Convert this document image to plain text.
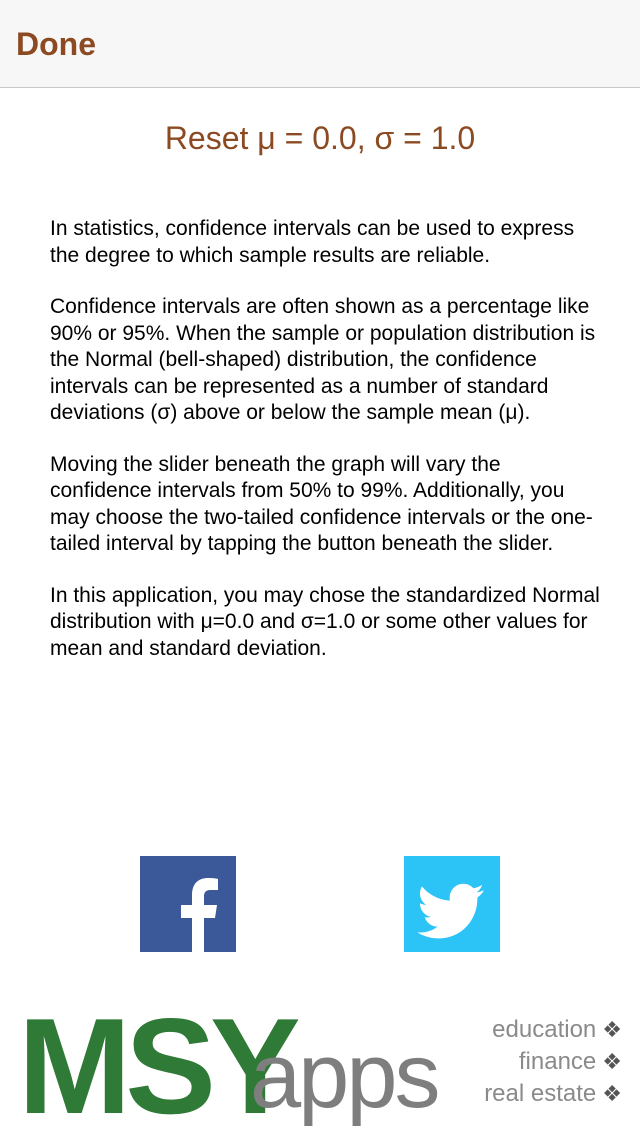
Done
Reset μ = 0.0, σ = 1.0

In statistics, confidence intervals can be used to express the degree to which sample results are reliable.

Confidence intervals are often shown as a percentage like 90% or 95%. When the sample or population distribution is the Normal (bell-shaped) distribution, the confidence intervals can be represented as a number of standard deviations (σ) above or below the sample mean (μ).

Moving the slider beneath the graph will vary the confidence intervals from 50% to 99%. Additionally, you may choose the two-tailed confidence intervals or the one-tailed interval by tapping the button beneath the slider.

In this application, you may chose the standardized Normal distribution with μ=0.0 and σ=1.0 or some other values for mean and standard deviation.

MSY
apps	education ❖
finance ❖
real estate ❖
